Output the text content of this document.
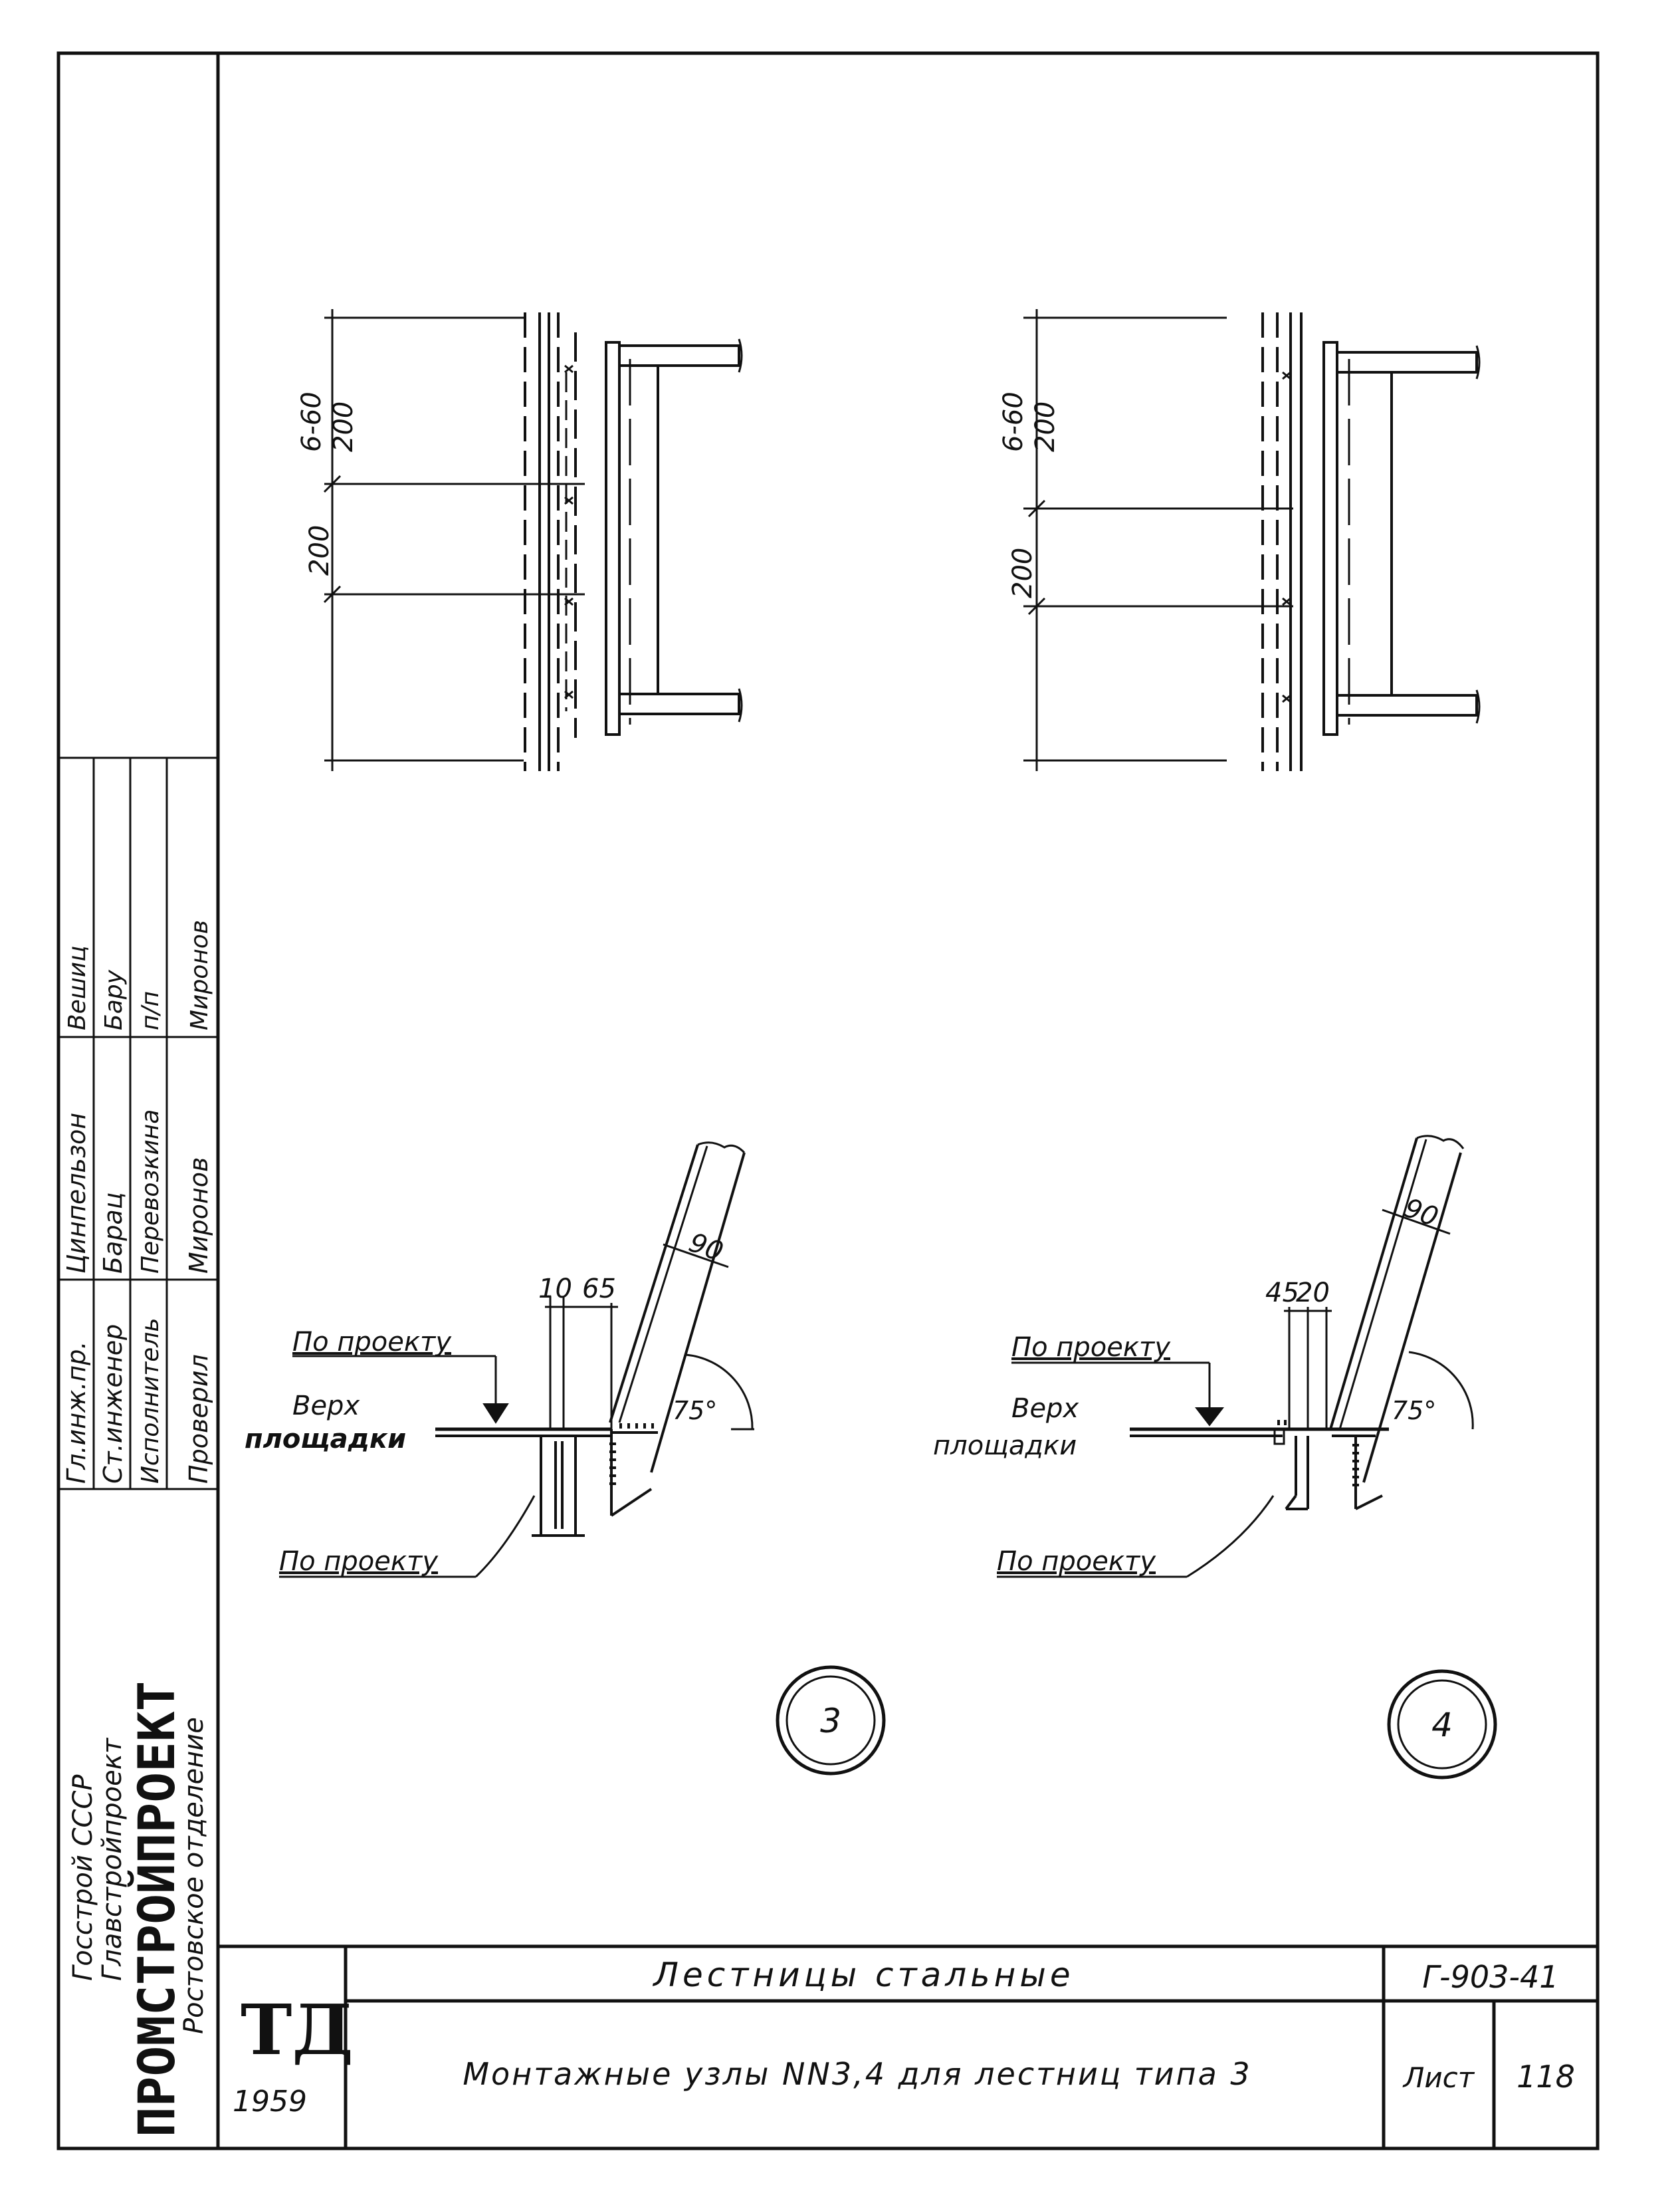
Гл.инж.пр.
Цинпельзон
Вешиц
Ст.инженер
Барац
Бару
Исполнитель
Перевозкина
п/п
Проверил
Миронов
Миронов
Госстрой СССР
Главстройпроект ПРОМСТРОЙПРОЕКТ
Ростовское отделение ТД
1959
Лестницы стальные
Монтажные узлы NN3,4 для лестниц типа 3
Г-903-41
Лист 118
6-60 200
200
6-60 200
200
10 65
90
75°
По проекту
Верх
площадки
По проекту
3
45
20
90
75°
По проекту
Верх
площадки
По проекту
4
